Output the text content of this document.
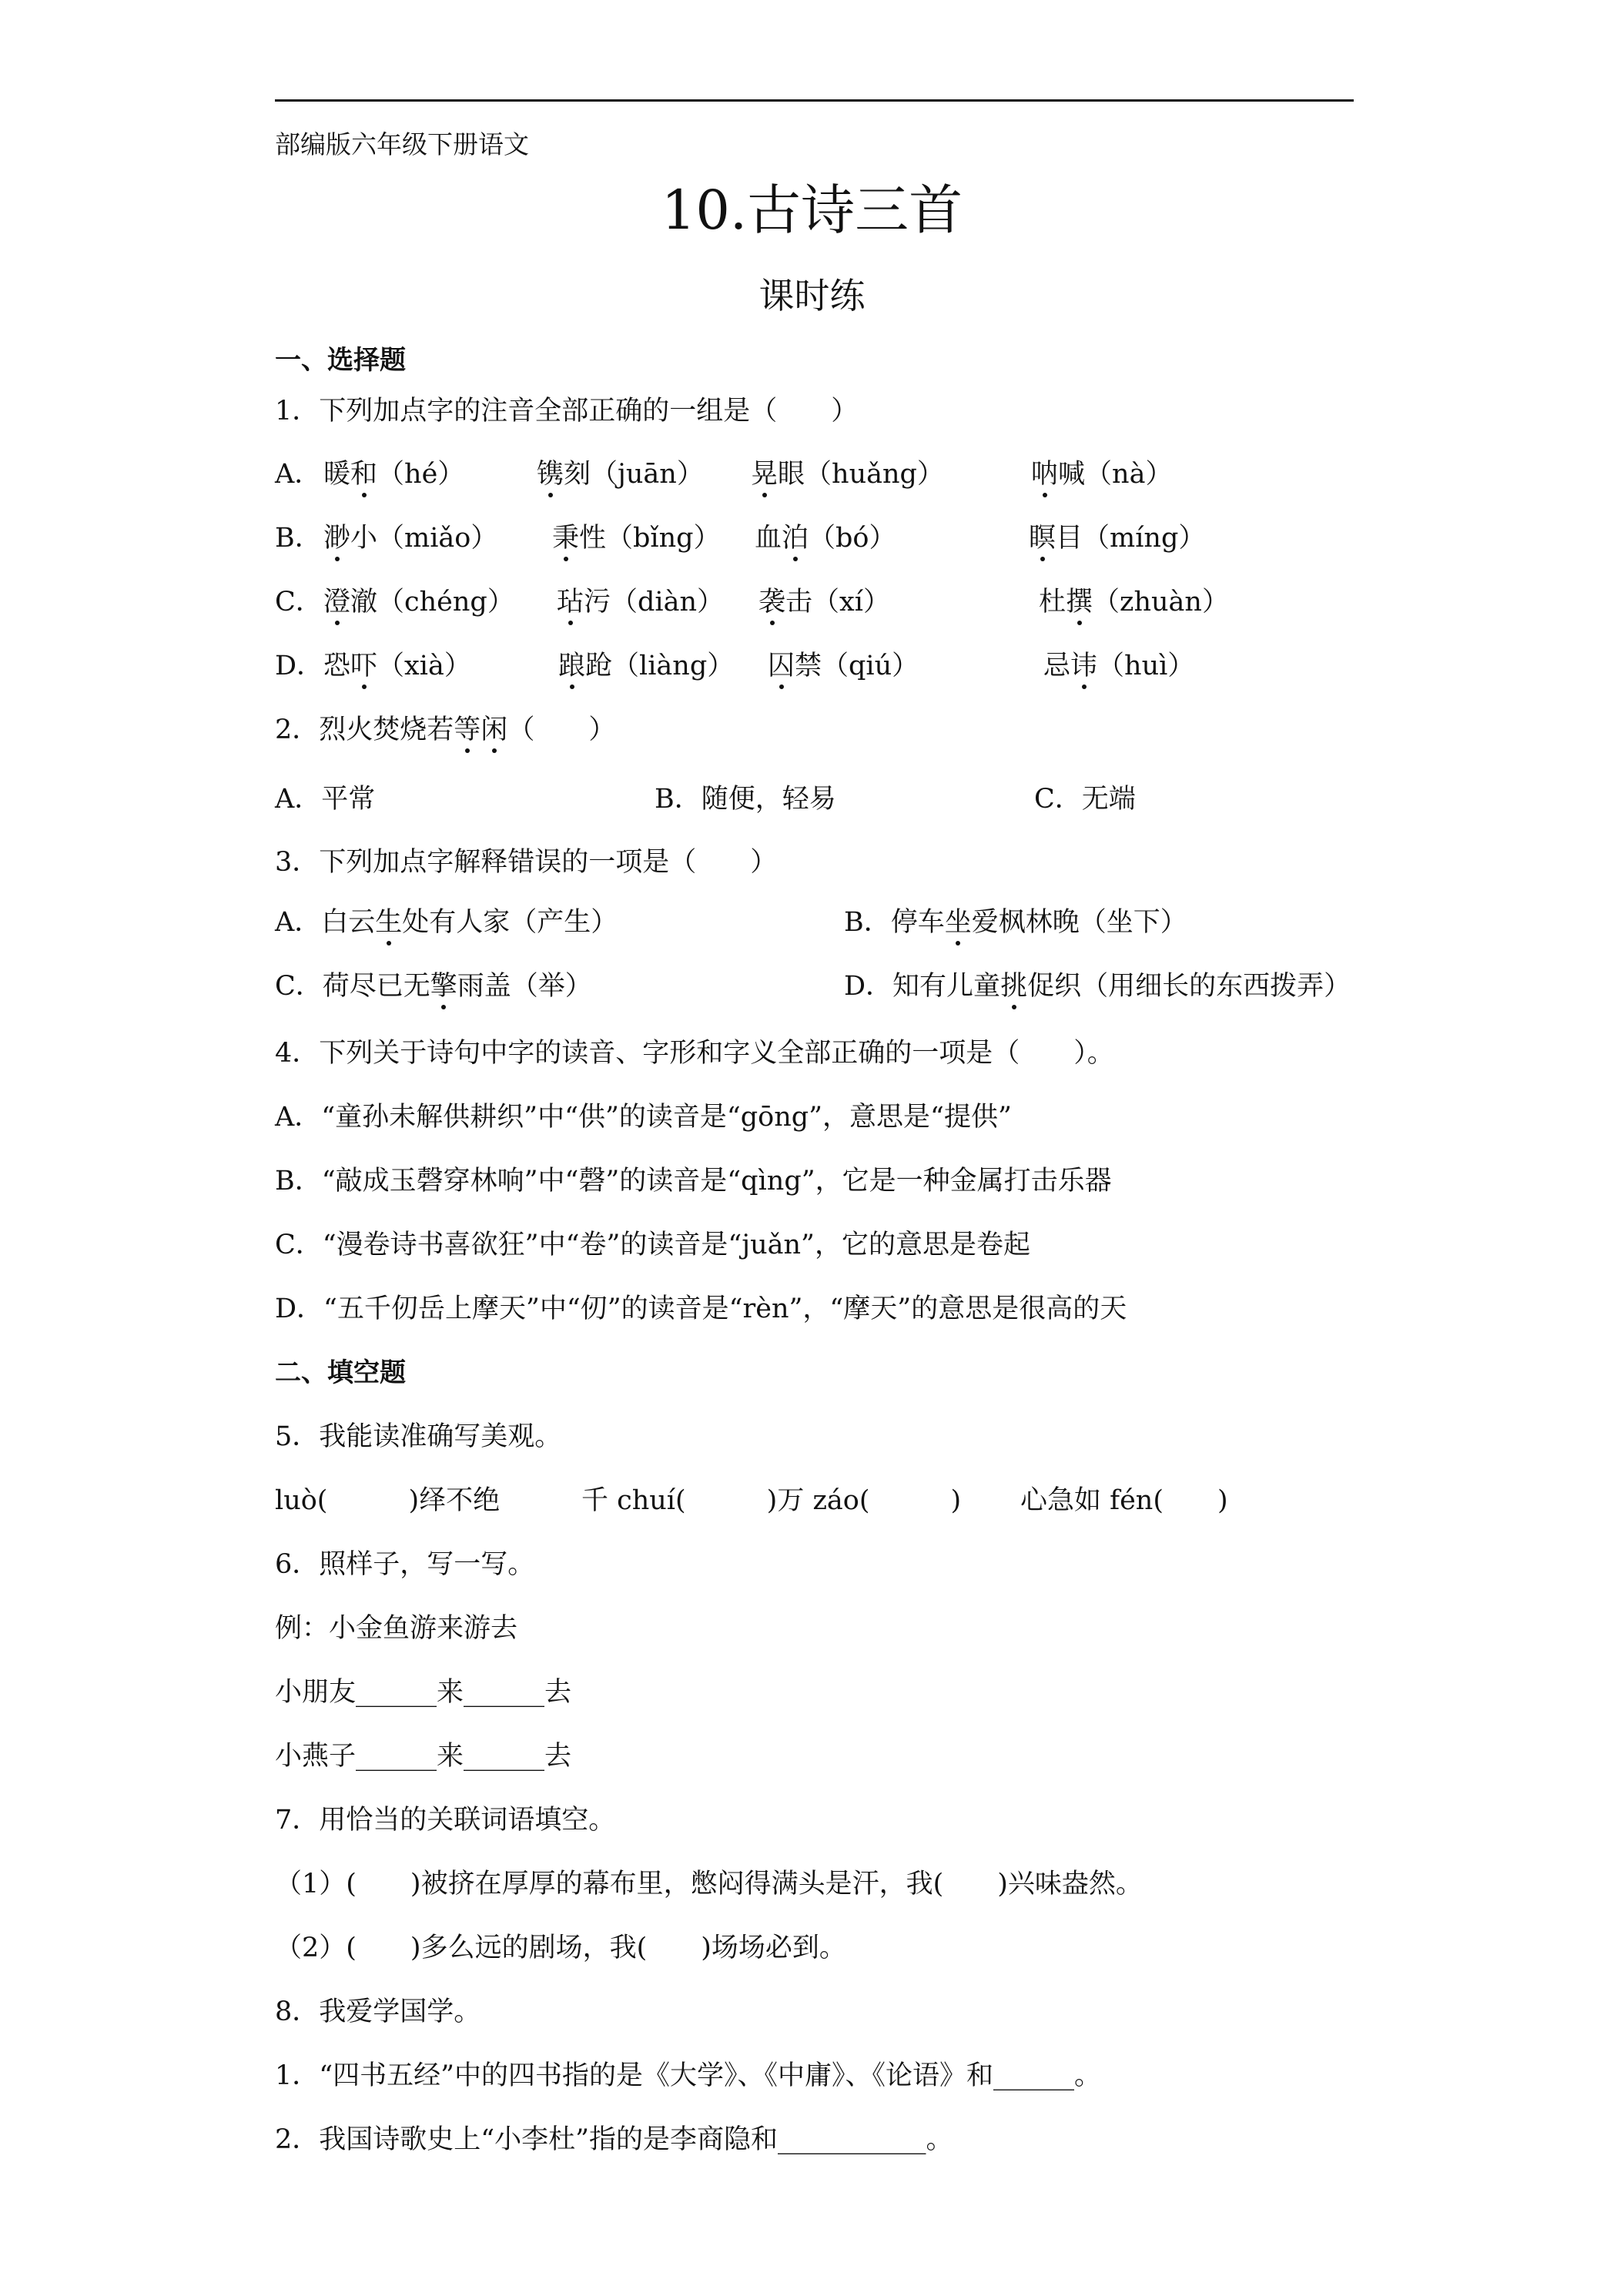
部编版六年级下册语文
10.古诗三首
课时练
一、选择题
1．下列加点字的注音全部正确的一组是（　　）
A． 暖和（hé）	镌刻（juān） 晃眼（huǎng）	呐喊（nà）
B． 渺小（miǎo） 秉性（bǐng） 血泊（bó）	瞑目（míng）
C． 澄澈（chéng） 玷污（diàn） 袭击（xí）	杜撰（zhuàn）
D． 恐吓（xià）	踉跄（liàng） 囚禁（qiú）	忌讳（huì）
2．烈火焚烧若等闲（　　）
A．平常	B．随便，轻易	C．无端
3．下列加点字解释错误的一项是（　　）
A．白云生处有人家（产生）	B．停车坐爱枫林晚（坐下）
C．荷尽已无擎雨盖（举）	D．知有儿童挑促织（用细长的东西拨弄）
4．下列关于诗句中字的读音、字形和字义全部正确的一项是（　　）。
A．“童孙未解供耕织”中“供”的读音是“gōng”，意思是“提供”
B．“敲成玉磬穿林响”中“磬”的读音是“qìng”，它是一种金属打击乐器
C．“漫卷诗书喜欲狂”中“卷”的读音是“juǎn”，它的意思是卷起
D．“五千仞岳上摩天”中“仞”的读音是“rèn”，“摩天”的意思是很高的天
二、填空题
5．我能读准确写美观。
luò(　　　)绎不绝	千 chuí(　　　)万 záo(　　　) 心急如 fén(　　)
6．照样子，写一写。
例：小金鱼游来游去
小朋友______来______去
小燕子______来______去
7．用恰当的关联词语填空。
（1）(　　)被挤在厚厚的幕布里，憋闷得满头是汗，我(　　)兴味盎然。
（2）(　　)多么远的剧场，我(　　)场场必到。
8．我爱学国学。
1．“四书五经”中的四书指的是《大学》、《中庸》、《论语》和______。
2．我国诗歌史上“小李杜”指的是李商隐和___________。
